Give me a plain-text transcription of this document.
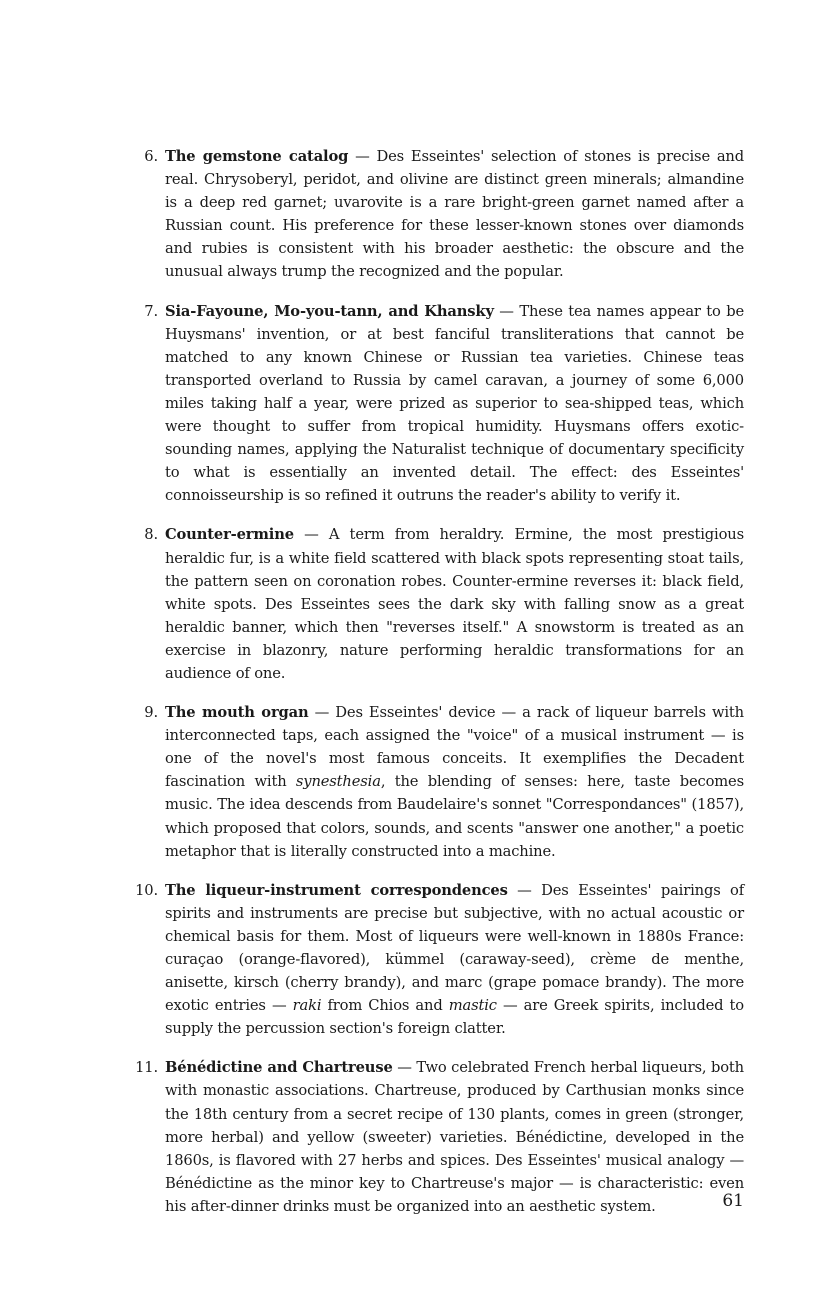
6. The gemstone catalog — Des Esseintes' selection of stones is precise and real. Chrysoberyl, peridot, and olivine are distinct green minerals; almandine is a deep red garnet; uvarovite is a rare bright-green garnet named after a Russian count. His preference for these lesser-known stones over diamonds and rubies is consistent with his broader aesthetic: the obscure and the unusual always trump the recognized and the popular.
7. Sia-Fayoune, Mo-you-tann, and Khansky — These tea names appear to be Huysmans' invention, or at best fanciful transliterations that cannot be matched to any known Chinese or Russian tea varieties. Chinese teas transported overland to Russia by camel caravan, a journey of some 6,000 miles taking half a year, were prized as superior to sea-shipped teas, which were thought to suffer from tropical humidity. Huysmans offers exotic-sounding names, applying the Naturalist technique of documentary specificity to what is essentially an invented detail. The effect: des Esseintes' connoisseurship is so refined it outruns the reader's ability to verify it.
8. Counter-ermine — A term from heraldry. Ermine, the most prestigious heraldic fur, is a white field scattered with black spots representing stoat tails, the pattern seen on coronation robes. Counter-ermine reverses it: black field, white spots. Des Esseintes sees the dark sky with falling snow as a great heraldic banner, which then "reverses itself." A snowstorm is treated as an exercise in blazonry, nature performing heraldic transformations for an audience of one.
9. The mouth organ — Des Esseintes' device — a rack of liqueur barrels with interconnected taps, each assigned the "voice" of a musical instrument — is one of the novel's most famous conceits. It exemplifies the Decadent fascination with synesthesia, the blending of senses: here, taste becomes music. The idea descends from Baudelaire's sonnet "Correspondances" (1857), which proposed that colors, sounds, and scents "answer one another," a poetic metaphor that is literally constructed into a machine.
10. The liqueur-instrument correspondences — Des Esseintes' pairings of spirits and instruments are precise but subjective, with no actual acoustic or chemical basis for them. Most of liqueurs were well-known in 1880s France: curaçao (orange-flavored), kümmel (caraway-seed), crème de menthe, anisette, kirsch (cherry brandy), and marc (grape pomace brandy). The more exotic entries — raki from Chios and mastic — are Greek spirits, included to supply the percussion section's foreign clatter.
11. Bénédictine and Chartreuse — Two celebrated French herbal liqueurs, both with monastic associations. Chartreuse, produced by Carthusian monks since the 18th century from a secret recipe of 130 plants, comes in green (stronger, more herbal) and yellow (sweeter) varieties. Bénédictine, developed in the 1860s, is flavored with 27 herbs and spices. Des Esseintes' musical analogy — Bénédictine as the minor key to Chartreuse's major — is characteristic: even his after-dinner drinks must be organized into an aesthetic system.	61
